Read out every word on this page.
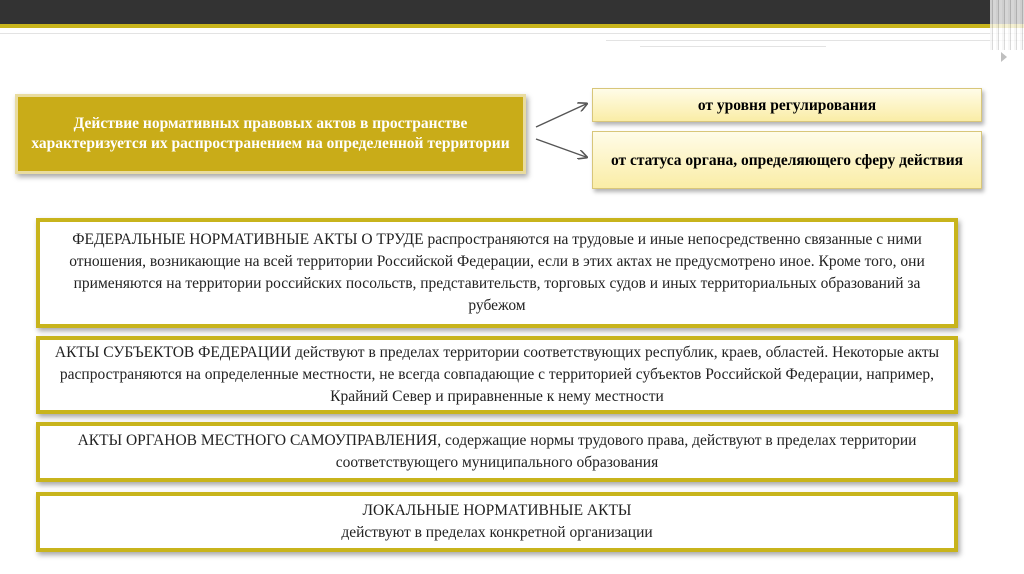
Действие нормативных правовых актов в пространстве характеризуется их распространением на определенной территории
от уровня регулирования
от статуса органа, определяющего сферу действия
ФЕДЕРАЛЬНЫЕ НОРМАТИВНЫЕ АКТЫ О ТРУДЕ распространяются на трудовые и иные непосредственно связанные с ними отношения, возникающие на всей территории Российской Федерации, если в этих актах не предусмотрено иное. Кроме того, они применяются на территории российских посольств, представительств, торговых судов и иных территориальных образований за рубежом
АКТЫ СУБЪЕКТОВ ФЕДЕРАЦИИ действуют в пределах территории соответствующих республик, краев, областей. Некоторые акты распространяются на определенные местности, не всегда совпадающие с территорией субъектов Российской Федерации, например, Крайний Север и приравненные к нему местности
АКТЫ ОРГАНОВ МЕСТНОГО САМОУПРАВЛЕНИЯ, содержащие нормы трудового права, действуют в пределах территории соответствующего муниципального образования
ЛОКАЛЬНЫЕ НОРМАТИВНЫЕ АКТЫ
действуют в пределах конкретной организации
